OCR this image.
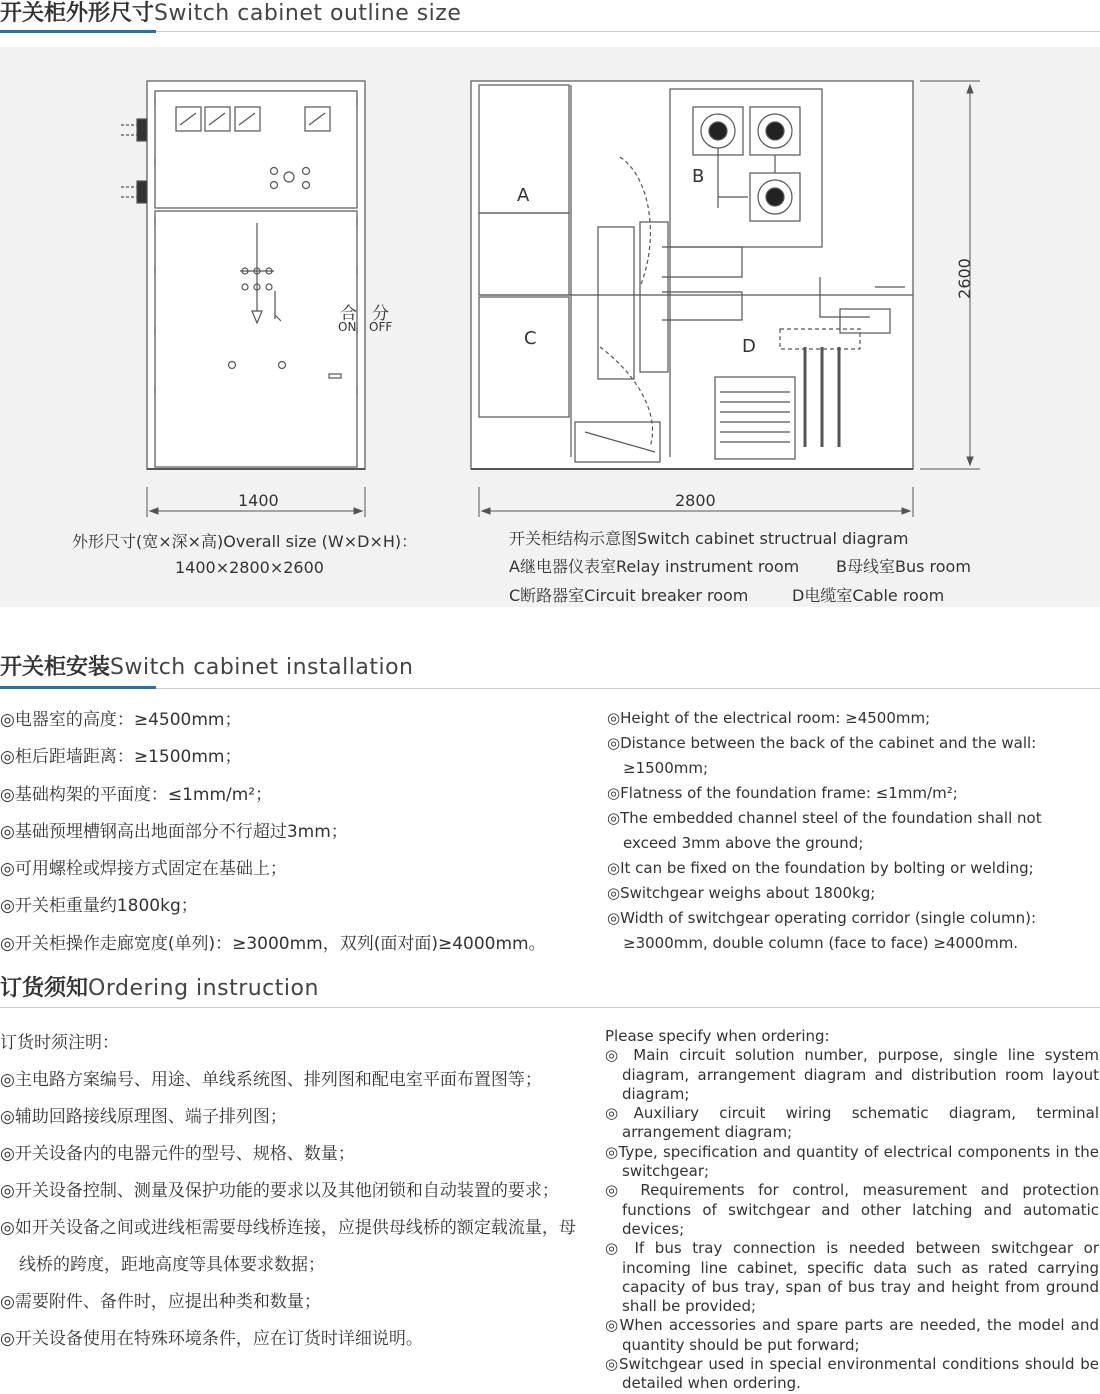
开关柜外形尺寸Switch cabinet outline size
合 分
ON OFF
A
B
C	D
1400	2800
2600
外形尺寸(宽×深×高)Overall size (W×D×H)：
1400×2800×2600
开关柜结构示意图Switch cabinet structrual diagram
A继电器仪表室Relay instrument room B母线室Bus room
C断路器室Circuit breaker room	D电缆室Cable room
开关柜安装Switch cabinet installation
◎电器室的高度：≥4500mm；
◎柜后距墙距离：≥1500mm；
◎基础构架的平面度：≤1mm/m²；
◎基础预埋槽钢高出地面部分不行超过3mm；
◎可用螺栓或焊接方式固定在基础上；
◎开关柜重量约1800kg；
◎开关柜操作走廊宽度(单列)：≥3000mm，双列(面对面)≥4000mm。
◎Height of the electrical room: ≥4500mm;
◎Distance between the back of the cabinet and the wall: ≥1500mm;
◎Flatness of the foundation frame: ≤1mm/m²;
◎The embedded channel steel of the foundation shall not exceed 3mm above the ground;
◎It can be fixed on the foundation by bolting or welding;
◎Switchgear weighs about 1800kg;
◎Width of switchgear operating corridor (single column): ≥3000mm, double column (face to face) ≥4000mm.
订货须知Ordering instruction
订货时须注明：
◎主电路方案编号、用途、单线系统图、排列图和配电室平面布置图等；
◎辅助回路接线原理图、端子排列图；
◎开关设备内的电器元件的型号、规格、数量；
◎开关设备控制、测量及保护功能的要求以及其他闭锁和自动装置的要求；
◎如开关设备之间或进线柜需要母线桥连接，应提供母线桥的额定载流量，母线桥的跨度，距地高度等具体要求数据；
◎需要附件、备件时，应提出种类和数量；
◎开关设备使用在特殊环境条件，应在订货时详细说明。
Please specify when ordering:
◎ Main circuit solution number, purpose, single line system diagram, arrangement diagram and distribution room layout diagram;
◎Auxiliary circuit wiring schematic diagram, terminal arrangement diagram;
◎Type, specification and quantity of electrical components in the switchgear;
◎ Requirements for control, measurement and protection functions of switchgear and other latching and automatic devices;
◎ If bus tray connection is needed between switchgear or incoming line cabinet, specific data such as rated carrying capacity of bus tray, span of bus tray and height from ground shall be provided;
◎When accessories and spare parts are needed, the model and quantity should be put forward;
◎Switchgear used in special environmental conditions should be detailed when ordering.
